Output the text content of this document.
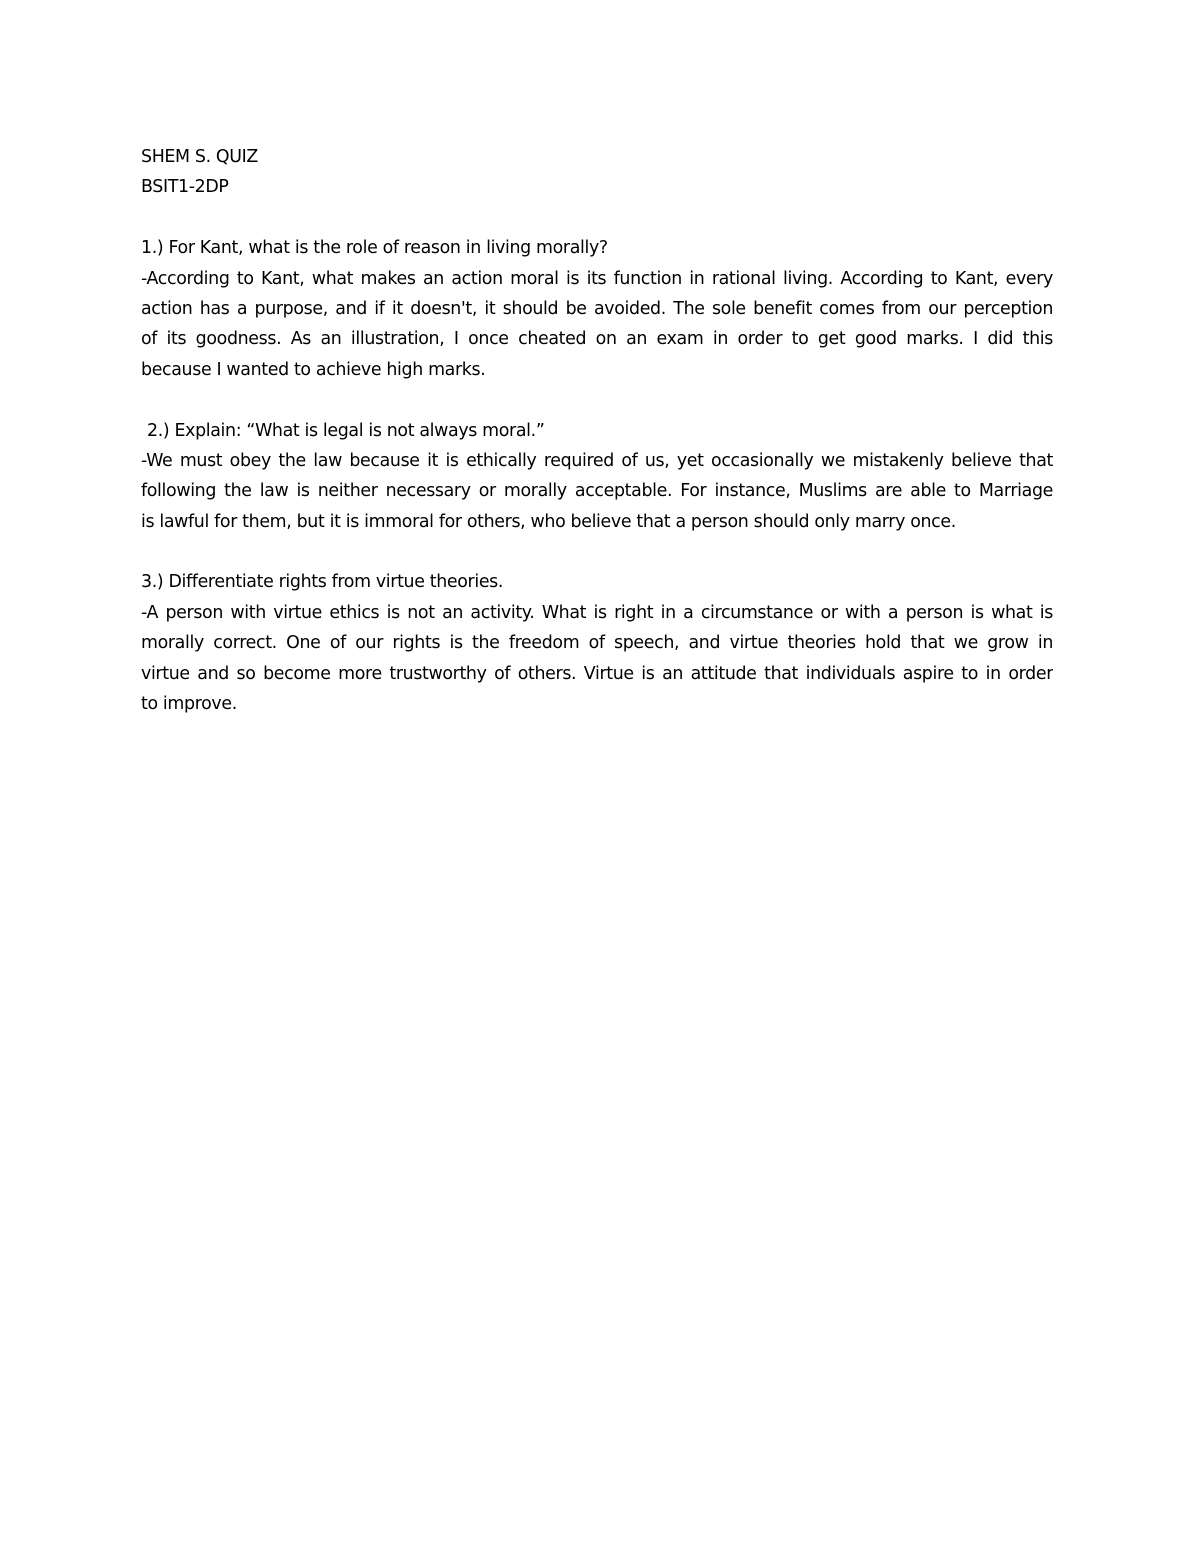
SHEM S. QUIZ
BSIT1-2DP
1.) For Kant, what is the role of reason in living morally?
-According to Kant, what makes an action moral is its function in rational living. According to Kant, every
action has a purpose, and if it doesn't, it should be avoided. The sole benefit comes from our perception
of its goodness. As an illustration, I once cheated on an exam in order to get good marks. I did this
because I wanted to achieve high marks.
2.) Explain: “What is legal is not always moral.”
-We must obey the law because it is ethically required of us, yet occasionally we mistakenly believe that
following the law is neither necessary or morally acceptable. For instance, Muslims are able to Marriage
is lawful for them, but it is immoral for others, who believe that a person should only marry once.
3.) Differentiate rights from virtue theories.
-A person with virtue ethics is not an activity. What is right in a circumstance or with a person is what is
morally correct. One of our rights is the freedom of speech, and virtue theories hold that we grow in
virtue and so become more trustworthy of others. Virtue is an attitude that individuals aspire to in order
to improve.
